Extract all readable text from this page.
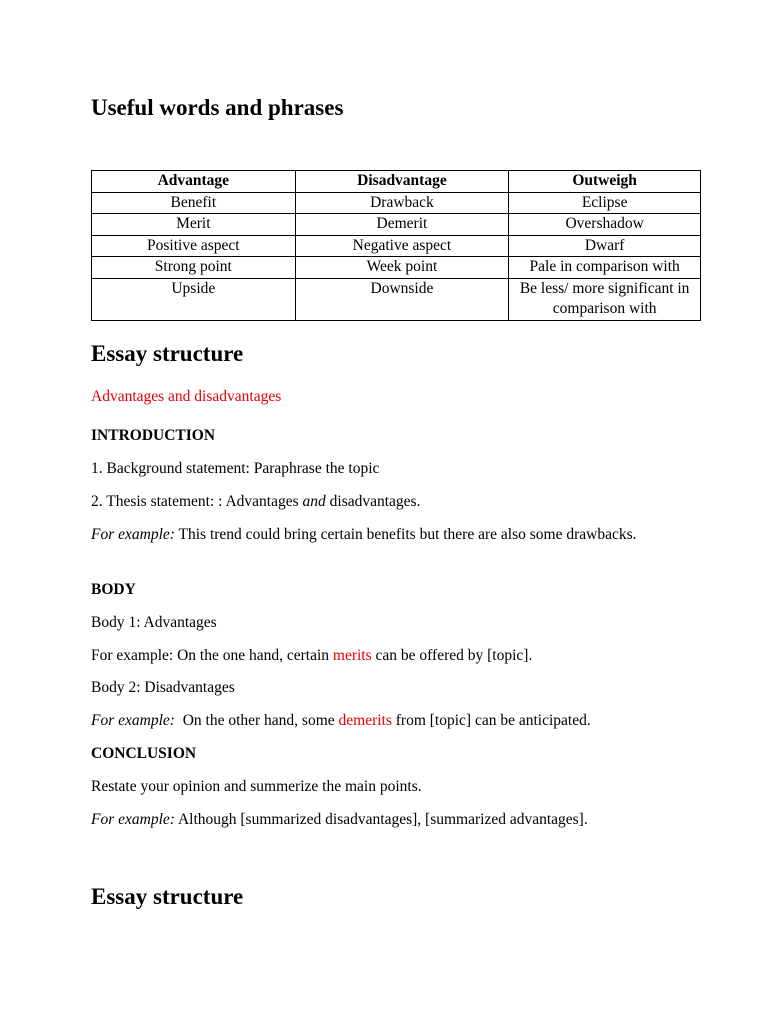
Useful words and phrases
Advantage	Disadvantage	Outweigh
Benefit	Drawback	Eclipse
Merit	Demerit	Overshadow
Positive aspect	Negative aspect	Dwarf
Strong point	Week point	Pale in comparison with
Upside	Downside	Be less/ more significant in comparison with
Essay structure

Advantages and disadvantages

INTRODUCTION

1. Background statement: Paraphrase the topic

2. Thesis statement: : Advantages and disadvantages.

For example: This trend could bring certain benefits but there are also some drawbacks.

BODY

Body 1: Advantages

For example: On the one hand, certain merits can be offered by [topic].

Body 2: Disadvantages

For example:  On the other hand, some demerits from [topic] can be anticipated.

CONCLUSION

Restate your opinion and summerize the main points.

For example: Although [summarized disadvantages], [summarized advantages].

Essay structure
